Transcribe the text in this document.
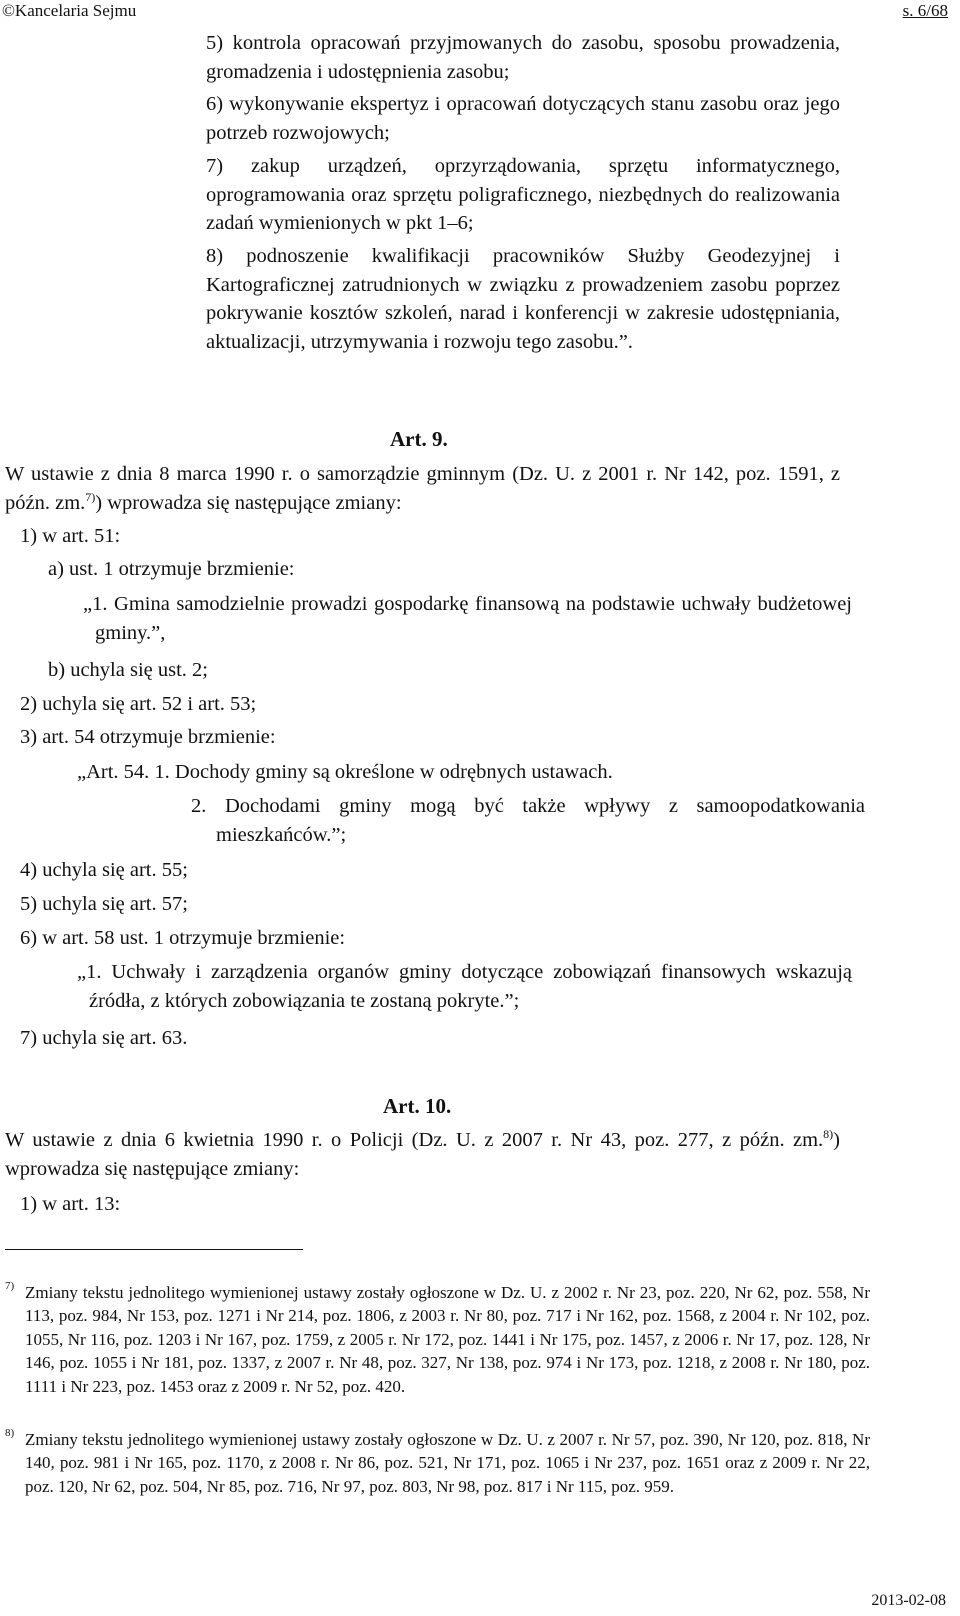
©Kancelaria Sejmu	s. 6/68
5) kontrola opracowań przyjmowanych do zasobu, sposobu prowadzenia, gromadzenia i udostępnienia zasobu;
6) wykonywanie ekspertyz i opracowań dotyczących stanu zasobu oraz jego potrzeb rozwojowych;
7) zakup urządzeń, oprzyrządowania, sprzętu informatycznego, oprogramowania oraz sprzętu poligraficznego, niezbędnych do realizowania zadań wymienionych w pkt 1–6;
8) podnoszenie kwalifikacji pracowników Służby Geodezyjnej i Kartograficznej zatrudnionych w związku z prowadzeniem zasobu poprzez pokrywanie kosztów szkoleń, narad i konferencji w zakresie udostępniania, aktualizacji, utrzymywania i rozwoju tego zasobu.”.
Art. 9.
W ustawie z dnia 8 marca 1990 r. o samorządzie gminnym (Dz. U. z 2001 r. Nr 142, poz. 1591, z późn. zm.$^{7)}$) wprowadza się następujące zmiany:
1) w art. 51:
a) ust. 1 otrzymuje brzmienie:
„1. Gmina samodzielnie prowadzi gospodarkę finansową na podstawie uchwały budżetowej gminy.”,
b) uchyla się ust. 2;
2) uchyla się art. 52 i art. 53;
3) art. 54 otrzymuje brzmienie:
„Art. 54. 1. Dochody gminy są określone w odrębnych ustawach.
2. Dochodami gminy mogą być także wpływy z samoopodatkowania mieszkańców.”;
4) uchyla się art. 55;
5) uchyla się art. 57;
6) w art. 58 ust. 1 otrzymuje brzmienie:
„1. Uchwały i zarządzenia organów gminy dotyczące zobowiązań finansowych wskazują źródła, z których zobowiązania te zostaną pokryte.”;
7) uchyla się art. 63.
Art. 10.
W ustawie z dnia 6 kwietnia 1990 r. o Policji (Dz. U. z 2007 r. Nr 43, poz. 277, z późn. zm.$^{8)}$) wprowadza się następujące zmiany:
1) w art. 13:
7) Zmiany tekstu jednolitego wymienionej ustawy zostały ogłoszone w Dz. U. z 2002 r. Nr 23, poz. 220, Nr 62, poz. 558, Nr 113, poz. 984, Nr 153, poz. 1271 i Nr 214, poz. 1806, z 2003 r. Nr 80, poz. 717 i Nr 162, poz. 1568, z 2004 r. Nr 102, poz. 1055, Nr 116, poz. 1203 i Nr 167, poz. 1759, z 2005 r. Nr 172, poz. 1441 i Nr 175, poz. 1457, z 2006 r. Nr 17, poz. 128, Nr 146, poz. 1055 i Nr 181, poz. 1337, z 2007 r. Nr 48, poz. 327, Nr 138, poz. 974 i Nr 173, poz. 1218, z 2008 r. Nr 180, poz. 1111 i Nr 223, poz. 1453 oraz z 2009 r. Nr 52, poz. 420.
8) Zmiany tekstu jednolitego wymienionej ustawy zostały ogłoszone w Dz. U. z 2007 r. Nr 57, poz. 390, Nr 120, poz. 818, Nr 140, poz. 981 i Nr 165, poz. 1170, z 2008 r. Nr 86, poz. 521, Nr 171, poz. 1065 i Nr 237, poz. 1651 oraz z 2009 r. Nr 22, poz. 120, Nr 62, poz. 504, Nr 85, poz. 716, Nr 97, poz. 803, Nr 98, poz. 817 i Nr 115, poz. 959.
2013-02-08
